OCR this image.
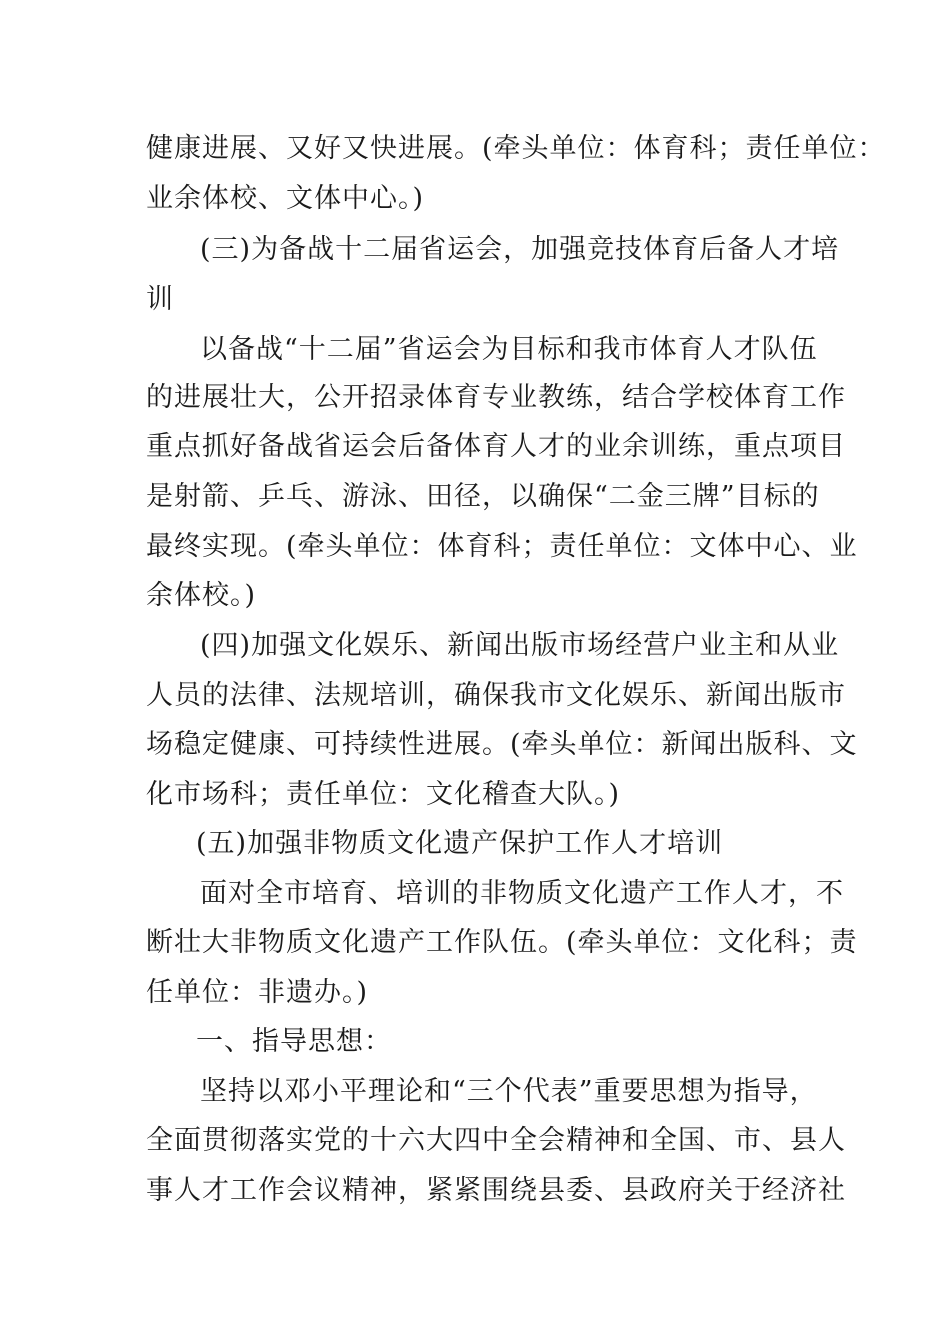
健康进展、又好又快进展。(牵头单位：体育科；责任单位：
业余体校、文体中心。)
(三)为备战十二届省运会，加强竞技体育后备人才培
训
以备战“十二届”省运会为目标和我市体育人才队伍
的进展壮大，公开招录体育专业教练，结合学校体育工作
重点抓好备战省运会后备体育人才的业余训练，重点项目
是射箭、乒乓、游泳、田径，以确保“二金三牌”目标的
最终实现。(牵头单位：体育科；责任单位：文体中心、业
余体校。)
(四)加强文化娱乐、新闻出版市场经营户业主和从业
人员的法律、法规培训，确保我市文化娱乐、新闻出版市
场稳定健康、可持续性进展。(牵头单位：新闻出版科、文
化市场科；责任单位：文化稽查大队。)
(五)加强非物质文化遗产保护工作人才培训
面对全市培育、培训的非物质文化遗产工作人才，不
断壮大非物质文化遗产工作队伍。(牵头单位：文化科；责
任单位：非遗办。)
一、指导思想：
坚持以邓小平理论和“三个代表”重要思想为指导，
全面贯彻落实党的十六大四中全会精神和全国、市、县人
事人才工作会议精神，紧紧围绕县委、县政府关于经济社
